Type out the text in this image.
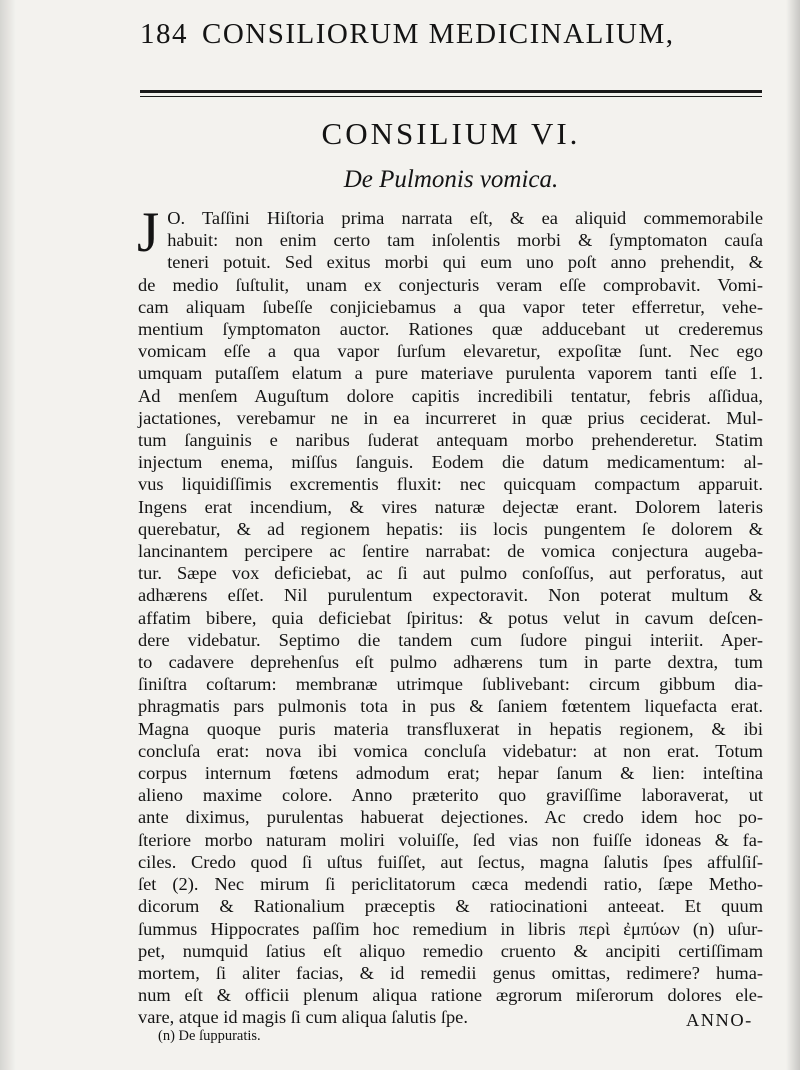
184 CONSILIORUM MEDICINALIUM,
CONSILIUM VI.
De Pulmonis vomica.
J O. Taſſini Hiſtoria prima narrata eſt, & ea aliquid commemorabile
habuit: non enim certo tam inſolentis morbi & ſymptomaton cauſa
teneri potuit. Sed exitus morbi qui eum uno poſt anno prehendit, &
de medio ſuſtulit, unam ex conjecturis veram eſſe comprobavit. Vomi-
cam aliquam ſubeſſe conjiciebamus a qua vapor teter efferretur, vehe-
mentium ſymptomaton auctor. Rationes quæ adducebant ut crederemus
vomicam eſſe a qua vapor ſurſum elevaretur, expoſitæ ſunt. Nec ego
umquam putaſſem elatum a pure materiave purulenta vaporem tanti eſſe 1.
Ad menſem Auguſtum dolore capitis incredibili tentatur, febris aſſidua,
jactationes, verebamur ne in ea incurreret in quæ prius ceciderat. Mul-
tum ſanguinis e naribus ſuderat antequam morbo prehenderetur. Statim
injectum enema, miſſus ſanguis. Eodem die datum medicamentum: al-
vus liquidiſſimis excrementis fluxit: nec quicquam compactum apparuit.
Ingens erat incendium, & vires naturæ dejectæ erant. Dolorem lateris
querebatur, & ad regionem hepatis: iis locis pungentem ſe dolorem &
lancinantem percipere ac ſentire narrabat: de vomica conjectura augeba-
tur. Sæpe vox deficiebat, ac ſi aut pulmo conſoſſus, aut perforatus, aut
adhærens eſſet. Nil purulentum expectoravit. Non poterat multum &
affatim bibere, quia deficiebat ſpiritus: & potus velut in cavum deſcen-
dere videbatur. Septimo die tandem cum ſudore pingui interiit. Aper-
to cadavere deprehenſus eſt pulmo adhærens tum in parte dextra, tum
ſiniſtra coſtarum: membranæ utrimque ſublivebant: circum gibbum dia-
phragmatis pars pulmonis tota in pus & ſaniem fœtentem liquefacta erat.
Magna quoque puris materia transfluxerat in hepatis regionem, & ibi
concluſa erat: nova ibi vomica concluſa videbatur: at non erat. Totum
corpus internum fœtens admodum erat; hepar ſanum & lien: inteſtina
alieno maxime colore. Anno præterito quo graviſſime laboraverat, ut
ante diximus, purulentas habuerat dejectiones. Ac credo idem hoc po-
ſteriore morbo naturam moliri voluiſſe, ſed vias non fuiſſe idoneas & fa-
ciles. Credo quod ſi uſtus fuiſſet, aut ſectus, magna ſalutis ſpes affulſiſ-
ſet (2). Nec mirum ſi periclitatorum cæca medendi ratio, ſæpe Metho-
dicorum & Rationalium præceptis & ratiocinationi anteeat. Et quum
ſummus Hippocrates paſſim hoc remedium in libris περὶ ἐμπύων (n) uſur-
pet, numquid ſatius eſt aliquo remedio cruento & ancipiti certiſſimam
mortem, ſi aliter facias, & id remedii genus omittas, redimere? huma-
num eſt & officii plenum aliqua ratione ægrorum miſerorum dolores ele-
vare, atque id magis ſi cum aliqua ſalutis ſpe.	ANNO-
(n) De ſuppuratis.
